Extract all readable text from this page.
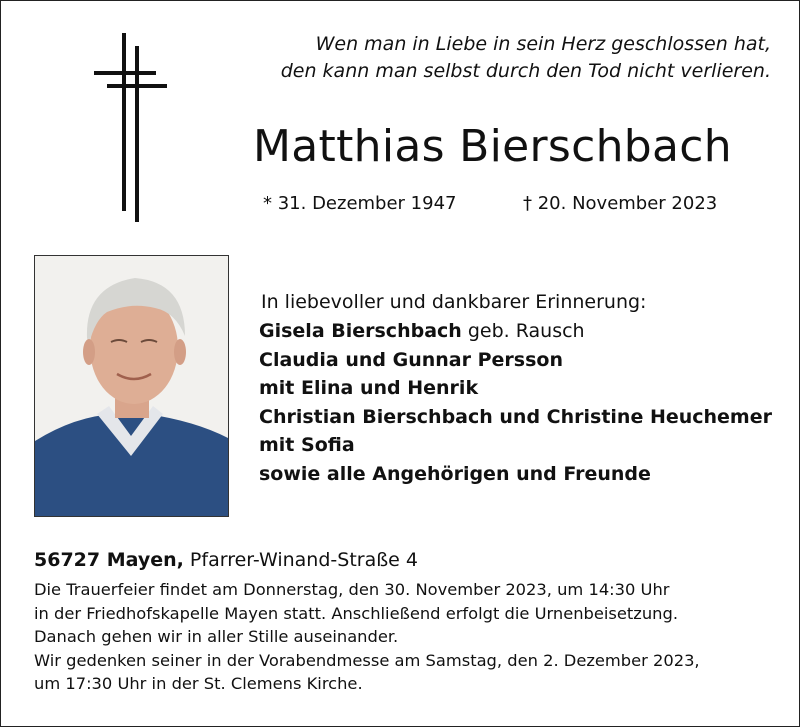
Wen man in Liebe in sein Herz geschlossen hat,
den kann man selbst durch den Tod nicht verlieren.
Matthias Bierschbach
* 31. Dezember 1947	† 20. November 2023
In liebevoller und dankbarer Erinnerung:
Gisela Bierschbach geb. Rausch
Claudia und Gunnar Persson
mit Elina und Henrik
Christian Bierschbach und Christine Heuchemer
mit Sofia
sowie alle Angehörigen und Freunde
56727 Mayen, Pfarrer-Winand-Straße 4
Die Trauerfeier findet am Donnerstag, den 30. November 2023, um 14:30 Uhr
in der Friedhofskapelle Mayen statt. Anschließend erfolgt die Urnenbeisetzung.
Danach gehen wir in aller Stille auseinander.
Wir gedenken seiner in der Vorabendmesse am Samstag, den 2. Dezember 2023,
um 17:30 Uhr in der St. Clemens Kirche.
